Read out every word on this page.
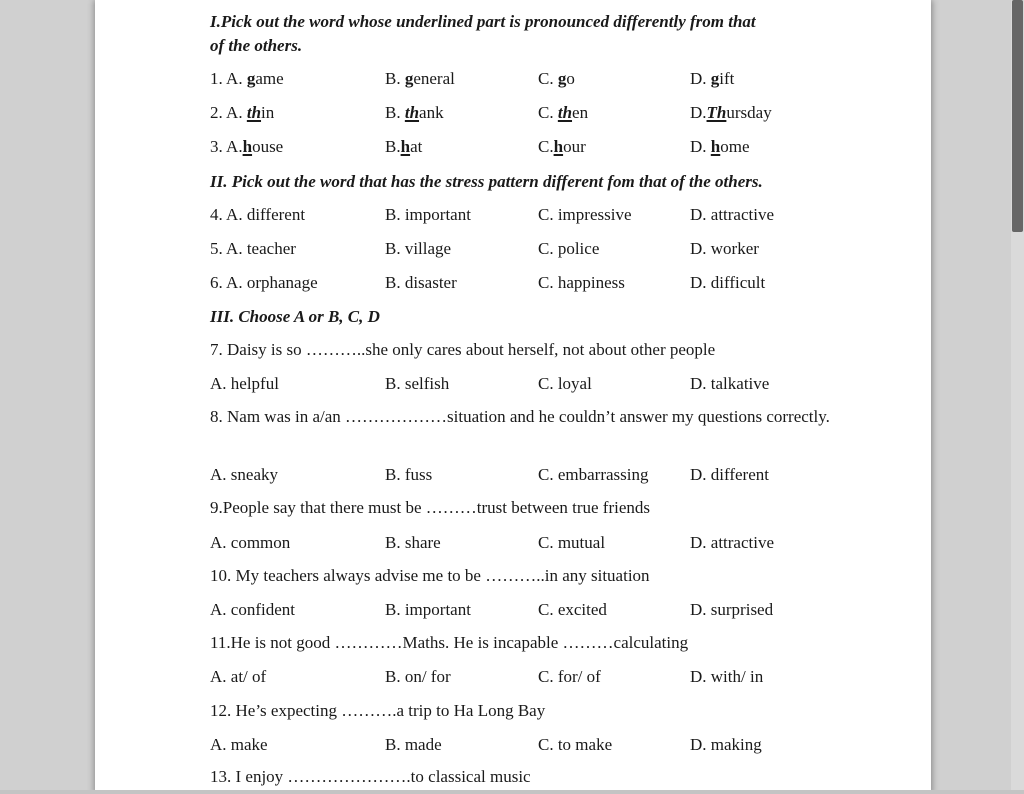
I.Pick out the word whose underlined part is pronounced differently from that
of the others.
1. A. game	B. general	C. go	D. gift
2. A. thin	B. thank	C. then	D.Thursday
3. A.house	B.hat	C.hour	D. home
II. Pick out the word that has the stress pattern different fom that of the others.
4. A. different	B. important	C. impressive	D. attractive
5. A. teacher	B. village	C. police	D. worker
6. A. orphanage	B. disaster	C. happiness	D. difficult
III. Choose A or B, C, D
7. Daisy is so ………..she only cares about herself, not about other people
A. helpful	B. selfish	C. loyal	D. talkative
8. Nam was in a/an ………………situation and he couldn’t answer my questions correctly.
A. sneaky	B. fuss	C. embarrassing D. different
9.People say that there must be ………trust between true friends
A. common	B. share	C. mutual	D. attractive
10. My teachers always advise me to be ………..in any situation
A. confident	B. important	C. excited	D. surprised
11.He is not good …………Maths. He is incapable ………calculating
A. at/ of	B. on/ for	C. for/ of	D. with/ in
12. He’s expecting ……….a trip to Ha Long Bay
A. make	B. made	C. to make	D. making
13. I enjoy ………………….to classical music
